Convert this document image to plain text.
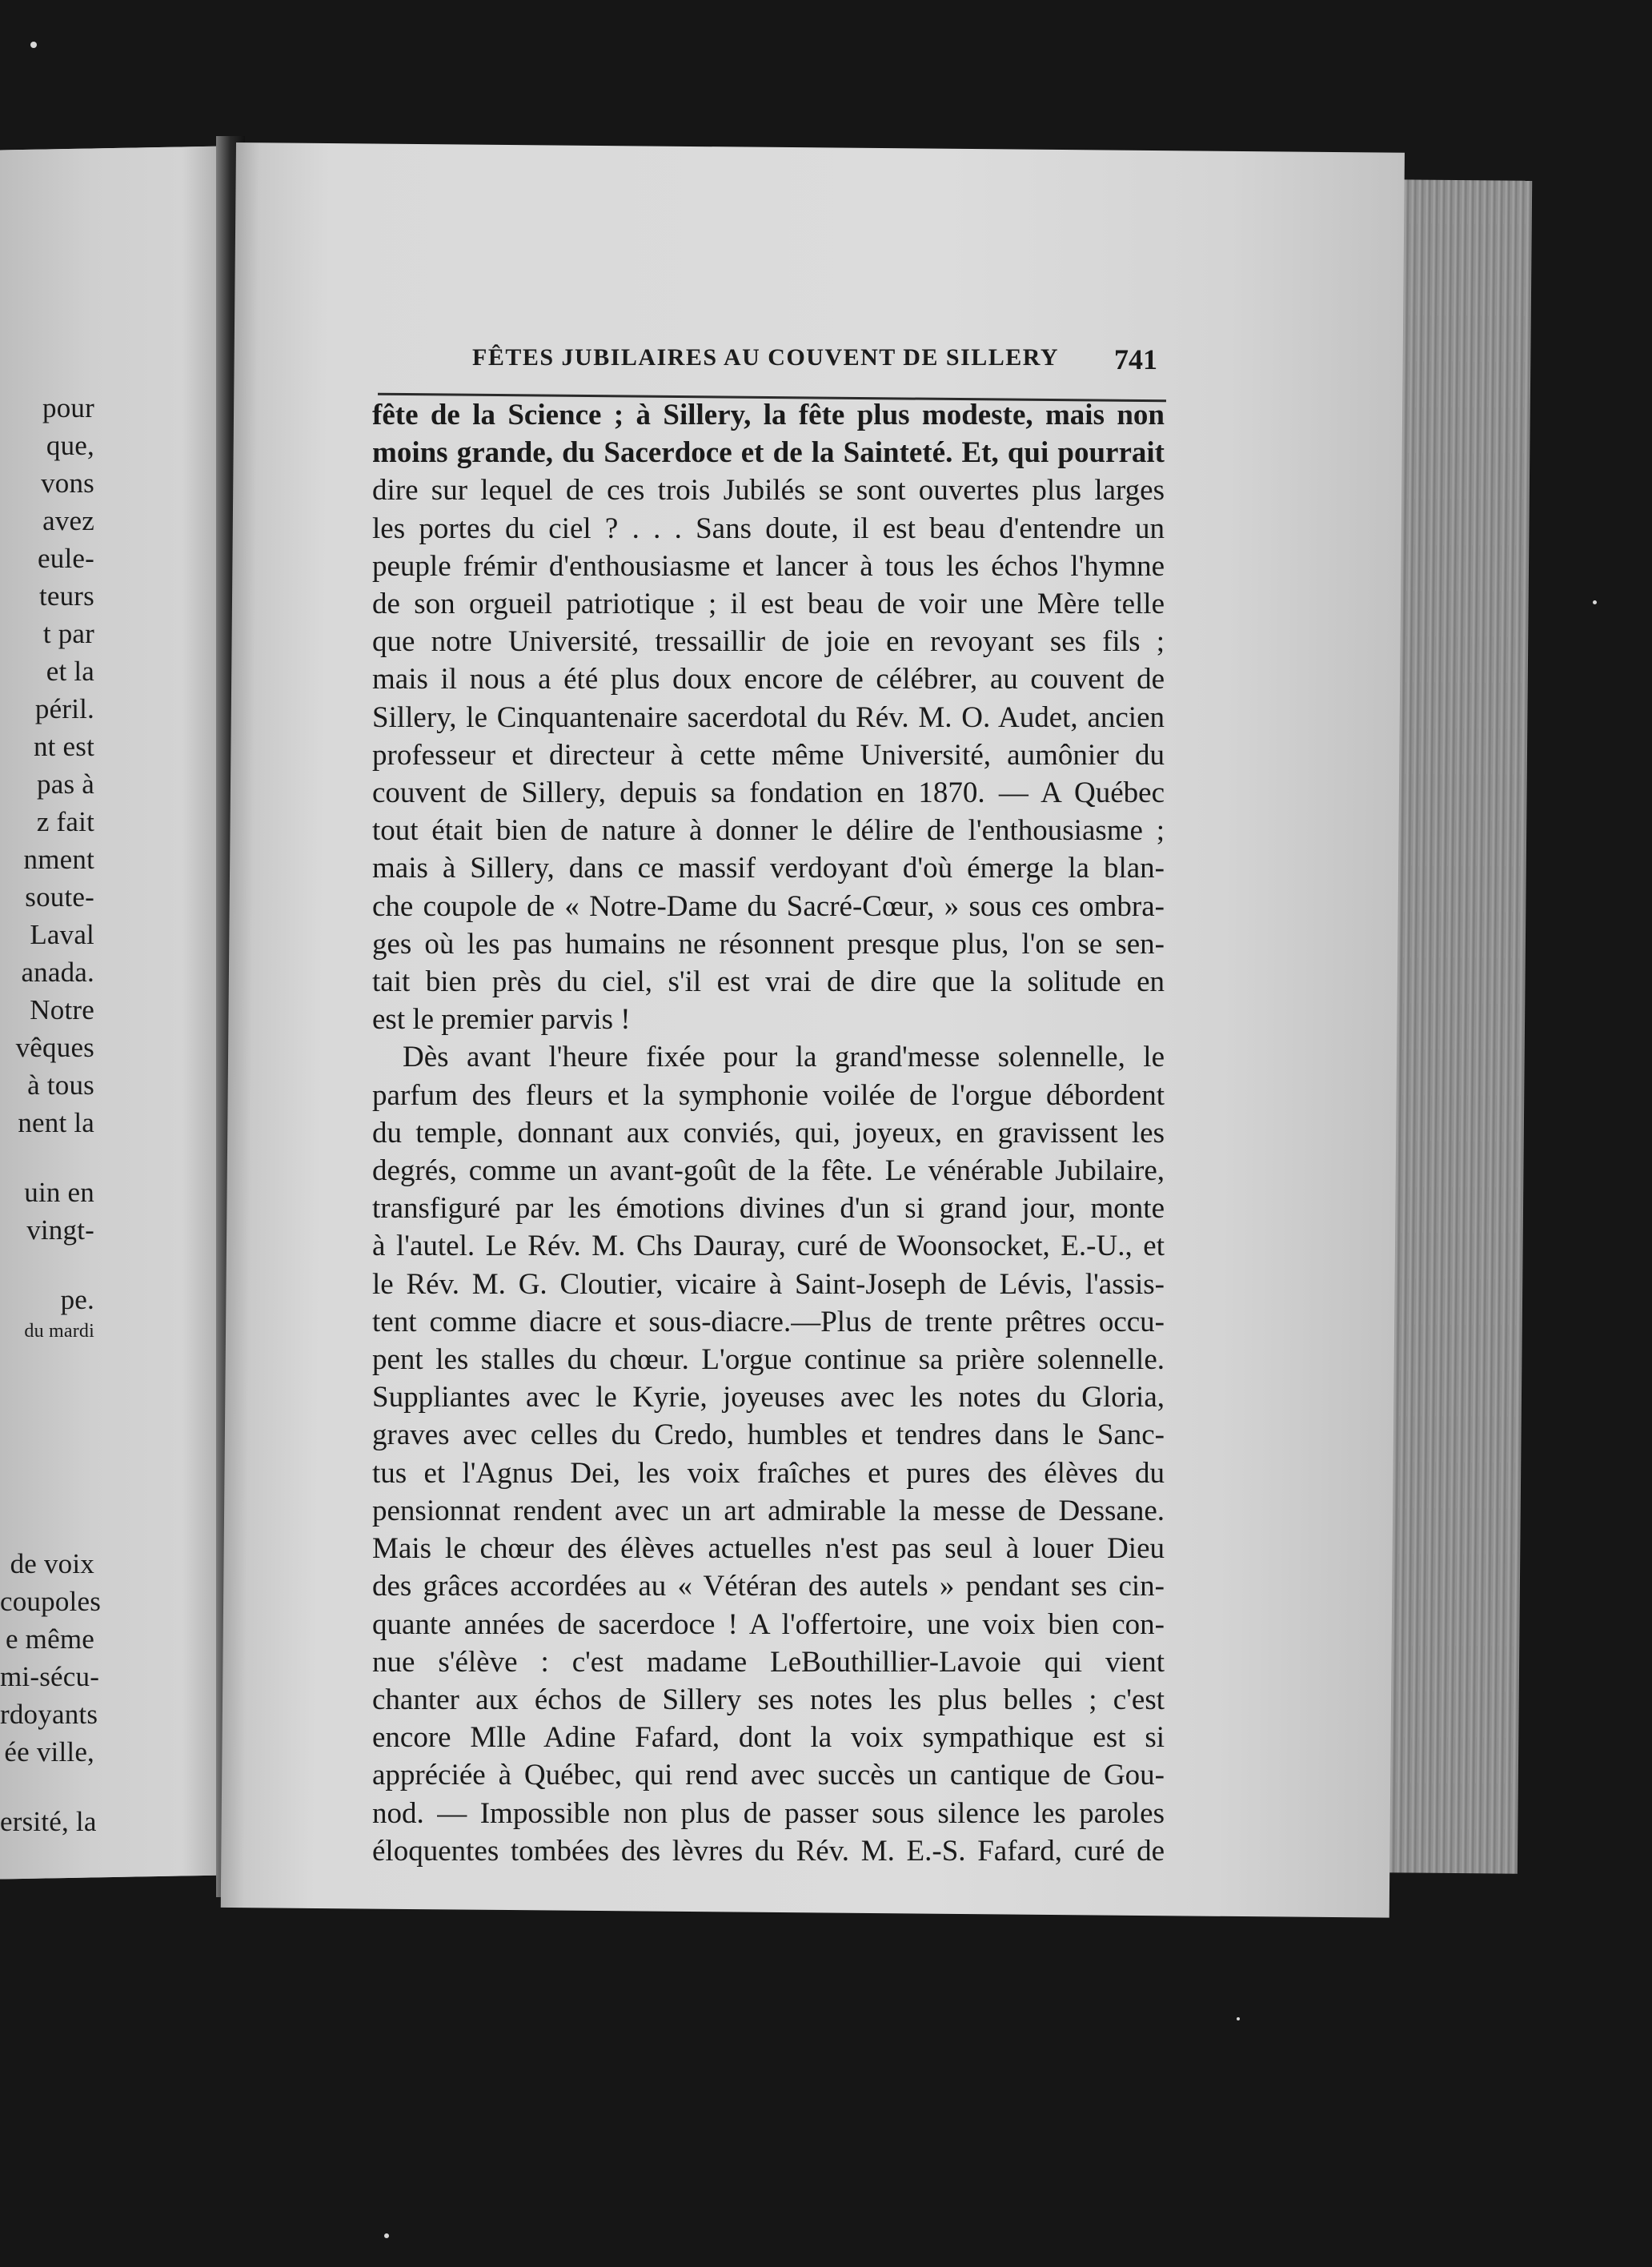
pour
que,
vons
avez
eule-
teurs
t par
et la
péril.
nt est
pas à
z fait
nment
soute-
Laval
anada.
Notre
vêques
à tous
nent la
uin en
vingt-
pe.
du mardi
de voix
coupoles
e même
mi-sécu-
rdoyants
ée ville,
ersité, la
FÊTES JUBILAIRES AU COUVENT DE SILLERY	741
fête de la Science ; à Sillery, la fête plus modeste, mais non
moins grande, du Sacerdoce et de la Sainteté. Et, qui pourrait
dire sur lequel de ces trois Jubilés se sont ouvertes plus larges
les portes du ciel ? . . . Sans doute, il est beau d'entendre un
peuple frémir d'enthousiasme et lancer à tous les échos l'hymne
de son orgueil patriotique ; il est beau de voir une Mère telle
que notre Université, tressaillir de joie en revoyant ses fils ;
mais il nous a été plus doux encore de célébrer, au couvent de
Sillery, le Cinquantenaire sacerdotal du Rév. M. O. Audet, ancien
professeur et directeur à cette même Université, aumônier du
couvent de Sillery, depuis sa fondation en 1870. — A Québec
tout était bien de nature à donner le délire de l'enthousiasme ;
mais à Sillery, dans ce massif verdoyant d'où émerge la blan-
che coupole de « Notre-Dame du Sacré-Cœur, » sous ces ombra-
ges où les pas humains ne résonnent presque plus, l'on se sen-
tait bien près du ciel, s'il est vrai de dire que la solitude en
est le premier parvis !
Dès avant l'heure fixée pour la grand'messe solennelle, le
parfum des fleurs et la symphonie voilée de l'orgue débordent
du temple, donnant aux conviés, qui, joyeux, en gravissent les
degrés, comme un avant-goût de la fête. Le vénérable Jubilaire,
transfiguré par les émotions divines d'un si grand jour, monte
à l'autel. Le Rév. M. Chs Dauray, curé de Woonsocket, E.-U., et
le Rév. M. G. Cloutier, vicaire à Saint-Joseph de Lévis, l'assis-
tent comme diacre et sous-diacre.—Plus de trente prêtres occu-
pent les stalles du chœur. L'orgue continue sa prière solennelle.
Suppliantes avec le Kyrie, joyeuses avec les notes du Gloria,
graves avec celles du Credo, humbles et tendres dans le Sanc-
tus et l'Agnus Dei, les voix fraîches et pures des élèves du
pensionnat rendent avec un art admirable la messe de Dessane.
Mais le chœur des élèves actuelles n'est pas seul à louer Dieu
des grâces accordées au « Vétéran des autels » pendant ses cin-
quante années de sacerdoce ! A l'offertoire, une voix bien con-
nue s'élève : c'est madame LeBouthillier-Lavoie qui vient
chanter aux échos de Sillery ses notes les plus belles ; c'est
encore Mlle Adine Fafard, dont la voix sympathique est si
appréciée à Québec, qui rend avec succès un cantique de Gou-
nod. — Impossible non plus de passer sous silence les paroles
éloquentes tombées des lèvres du Rév. M. E.-S. Fafard, curé de
